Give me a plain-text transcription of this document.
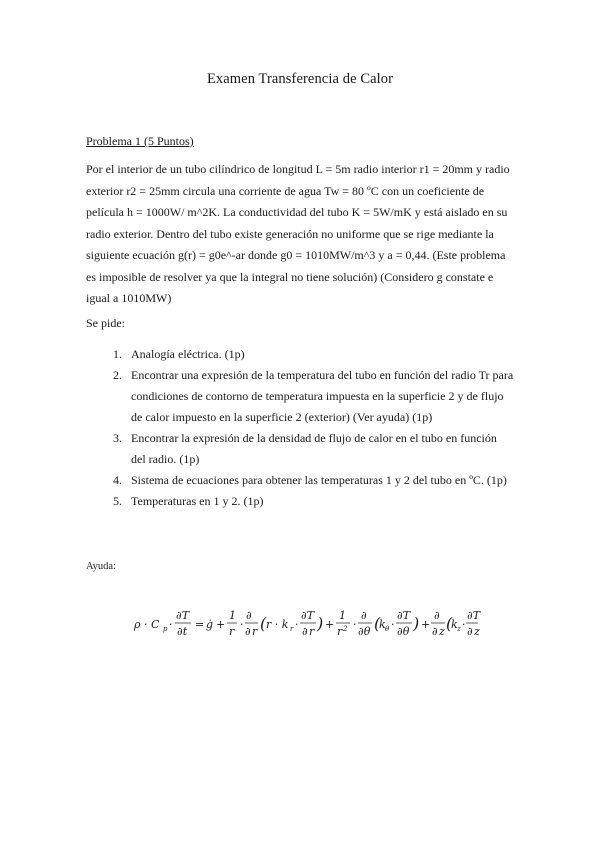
Examen Transferencia de Calor
Problema 1 (5 Puntos)

Por el interior de un tubo cilíndrico de longitud L = 5m radio interior r1 = 20mm y radio exterior r2 = 25mm circula una corriente de agua Tw = 80 ºC con un coeficiente de película h = 1000W/ m^2K. La conductividad del tubo K = 5W/mK y está aislado en su radio exterior. Dentro del tubo existe generación no uniforme que se rige mediante la siguiente ecuación g(r) = g0e^-ar donde g0 = 1010MW/m^3 y a = 0,44. (Este problema es imposible de resolver ya que la integral no tiene solución) (Considero g constate e igual a 1010MW)

Se pide:
1. Analogía eléctrica. (1p)
2. Encontrar una expresión de la temperatura del tubo en función del radio Tr para condiciones de contorno de temperatura impuesta en la superficie 2 y de flujo de calor impuesto en la superficie 2 (exterior) (Ver ayuda) (1p)
3. Encontrar la expresión de la densidad de flujo de calor en el tubo en función del radio. (1p)
4. Sistema de ecuaciones para obtener las temperaturas 1 y 2 del tubo en ºC. (1p)
5. Temperaturas en 1 y 2. (1p)
Ayuda:
ρ · C p ·
∂T
∂t
= ġ +
1
r
·
∂
∂ r ( r · k r ·
∂T
∂ r ) +
1
r 2 ·
∂
∂θ (
k θ ·
∂T
∂θ ) +
∂
∂ z (
k z ·
∂T
∂ z
